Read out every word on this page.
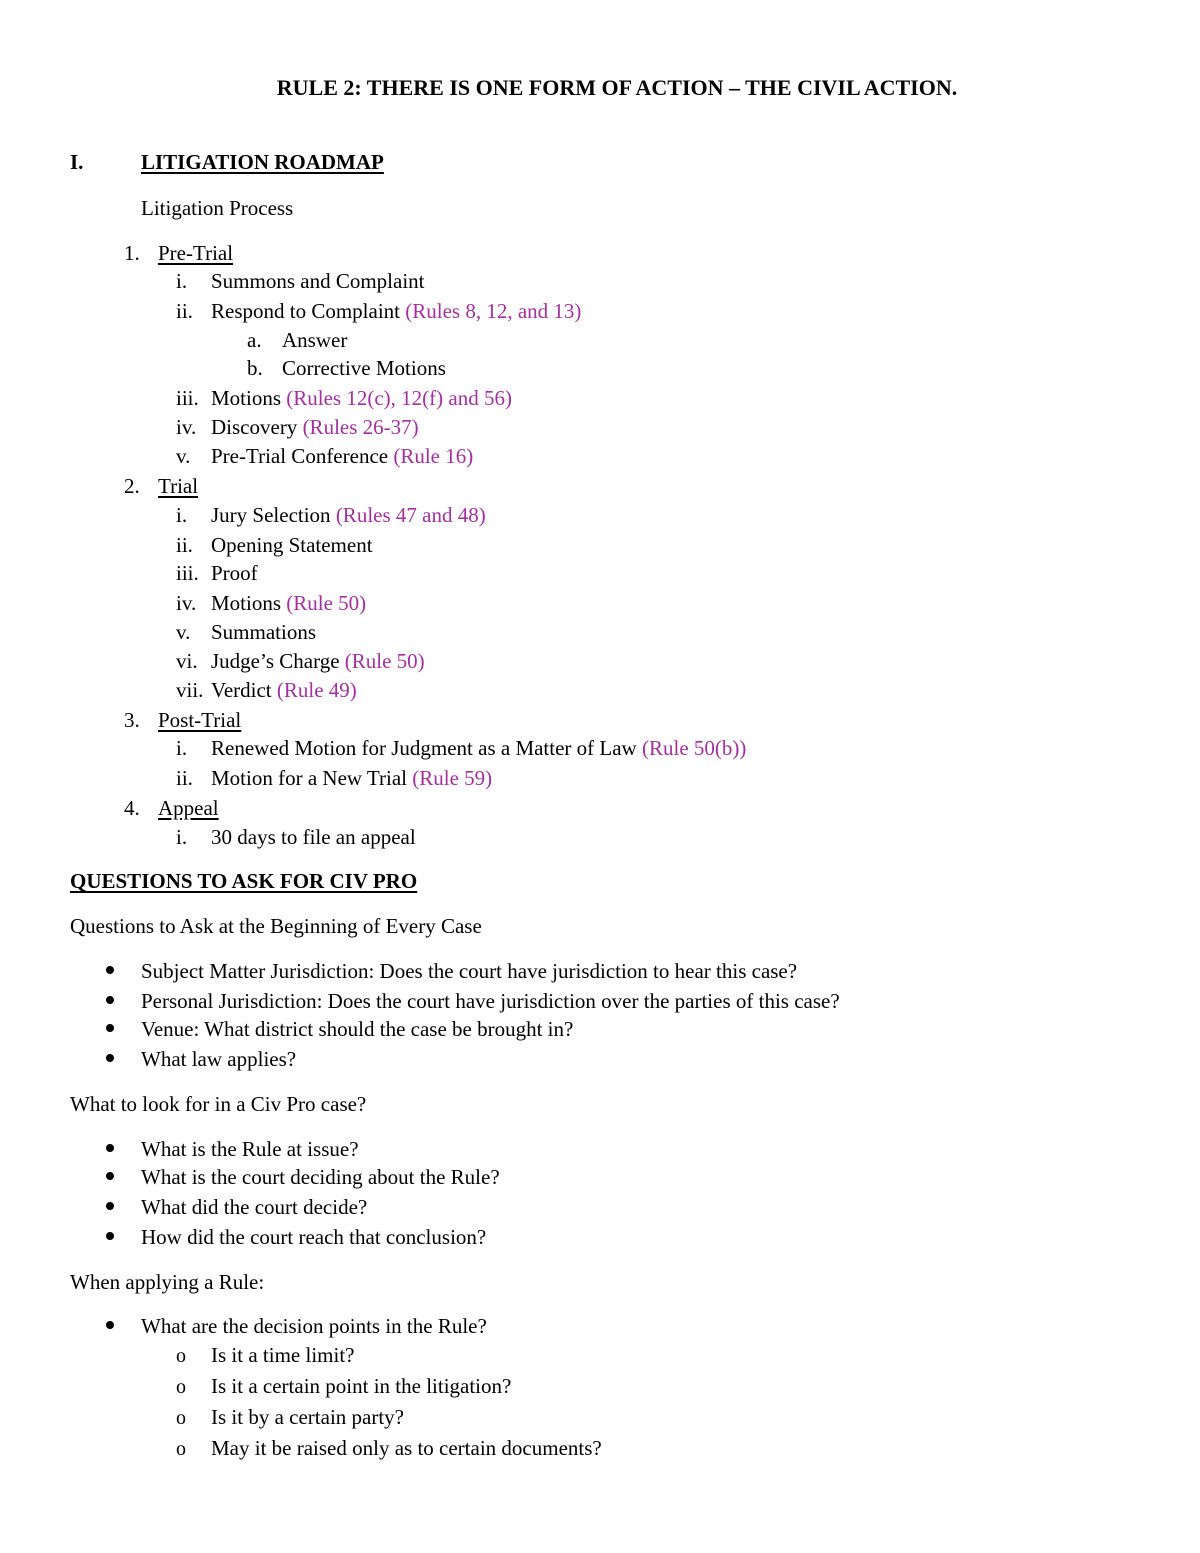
RULE 2: THERE IS ONE FORM OF ACTION – THE CIVIL ACTION.
I.	LITIGATION ROADMAP
Litigation Process
1. Pre-Trial
i. Summons and Complaint
ii. Respond to Complaint (Rules 8, 12, and 13)
a. Answer
b. Corrective Motions
iii. Motions (Rules 12(c), 12(f) and 56)
iv. Discovery (Rules 26-37)
v. Pre-Trial Conference (Rule 16)
2. Trial
i. Jury Selection (Rules 47 and 48)
ii. Opening Statement
iii. Proof
iv. Motions (Rule 50)
v. Summations
vi. Judge’s Charge (Rule 50)
vii. Verdict (Rule 49)
3. Post-Trial
i. Renewed Motion for Judgment as a Matter of Law (Rule 50(b))
ii. Motion for a New Trial (Rule 59)
4. Appeal
i. 30 days to file an appeal
QUESTIONS TO ASK FOR CIV PRO
Questions to Ask at the Beginning of Every Case
Subject Matter Jurisdiction: Does the court have jurisdiction to hear this case?
Personal Jurisdiction: Does the court have jurisdiction over the parties of this case?
Venue: What district should the case be brought in?
What law applies?
What to look for in a Civ Pro case?
What is the Rule at issue?
What is the court deciding about the Rule?
What did the court decide?
How did the court reach that conclusion?
When applying a Rule:
What are the decision points in the Rule?
o Is it a time limit?
o Is it a certain point in the litigation?
o Is it by a certain party?
o May it be raised only as to certain documents?
